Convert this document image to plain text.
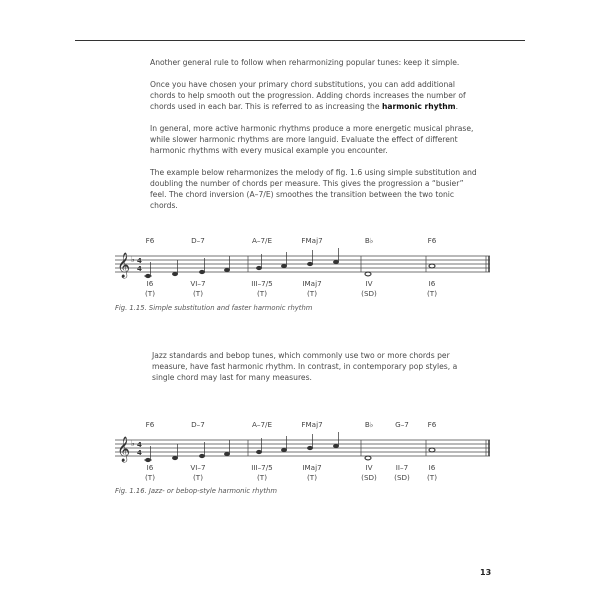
Another general rule to follow when reharmonizing popular tunes: keep it simple.

Once you have chosen your primary chord substitutions, you can add additional chords to help smooth out the progression. Adding chords increases the number of chords used in each bar. This is referred to as increasing the harmonic rhythm.

In general, more active harmonic rhythms produce a more energetic musical phrase, while slower harmonic rhythms are more languid. Evaluate the effect of different harmonic rhythms with every musical example you encounter.

The example below reharmonizes the melody of fig. 1.6 using simple substitution and doubling the number of chords per measure. This gives the progression a “busier” feel. The chord inversion (A–7/E) smoothes the transition between the two tonic chords.

𝄞 ♭ 4
4
𝄞 ♭ 4
4
F6	D–7	A–7/E	FMaj7	B♭	F6
I6	VI–7	III–7/5	IMaj7	IV	I6
(T)	(T)	(T)	(T)	(SD)	(T)
Fig. 1.15. Simple substitution and faster harmonic rhythm

Jazz standards and bebop tunes, which commonly use two or more chords per measure, have fast harmonic rhythm. In contrast, in contemporary pop styles, a single chord may last for many measures.

F6	D–7	A–7/E	FMaj7	B♭	G–7	F6
I6	VI–7	III–7/5	IMaj7	IV	II–7	I6
(T)	(T)	(T)	(T)	(SD) (SD) (T)
Fig. 1.16. Jazz- or bebop-style harmonic rhythm
13
